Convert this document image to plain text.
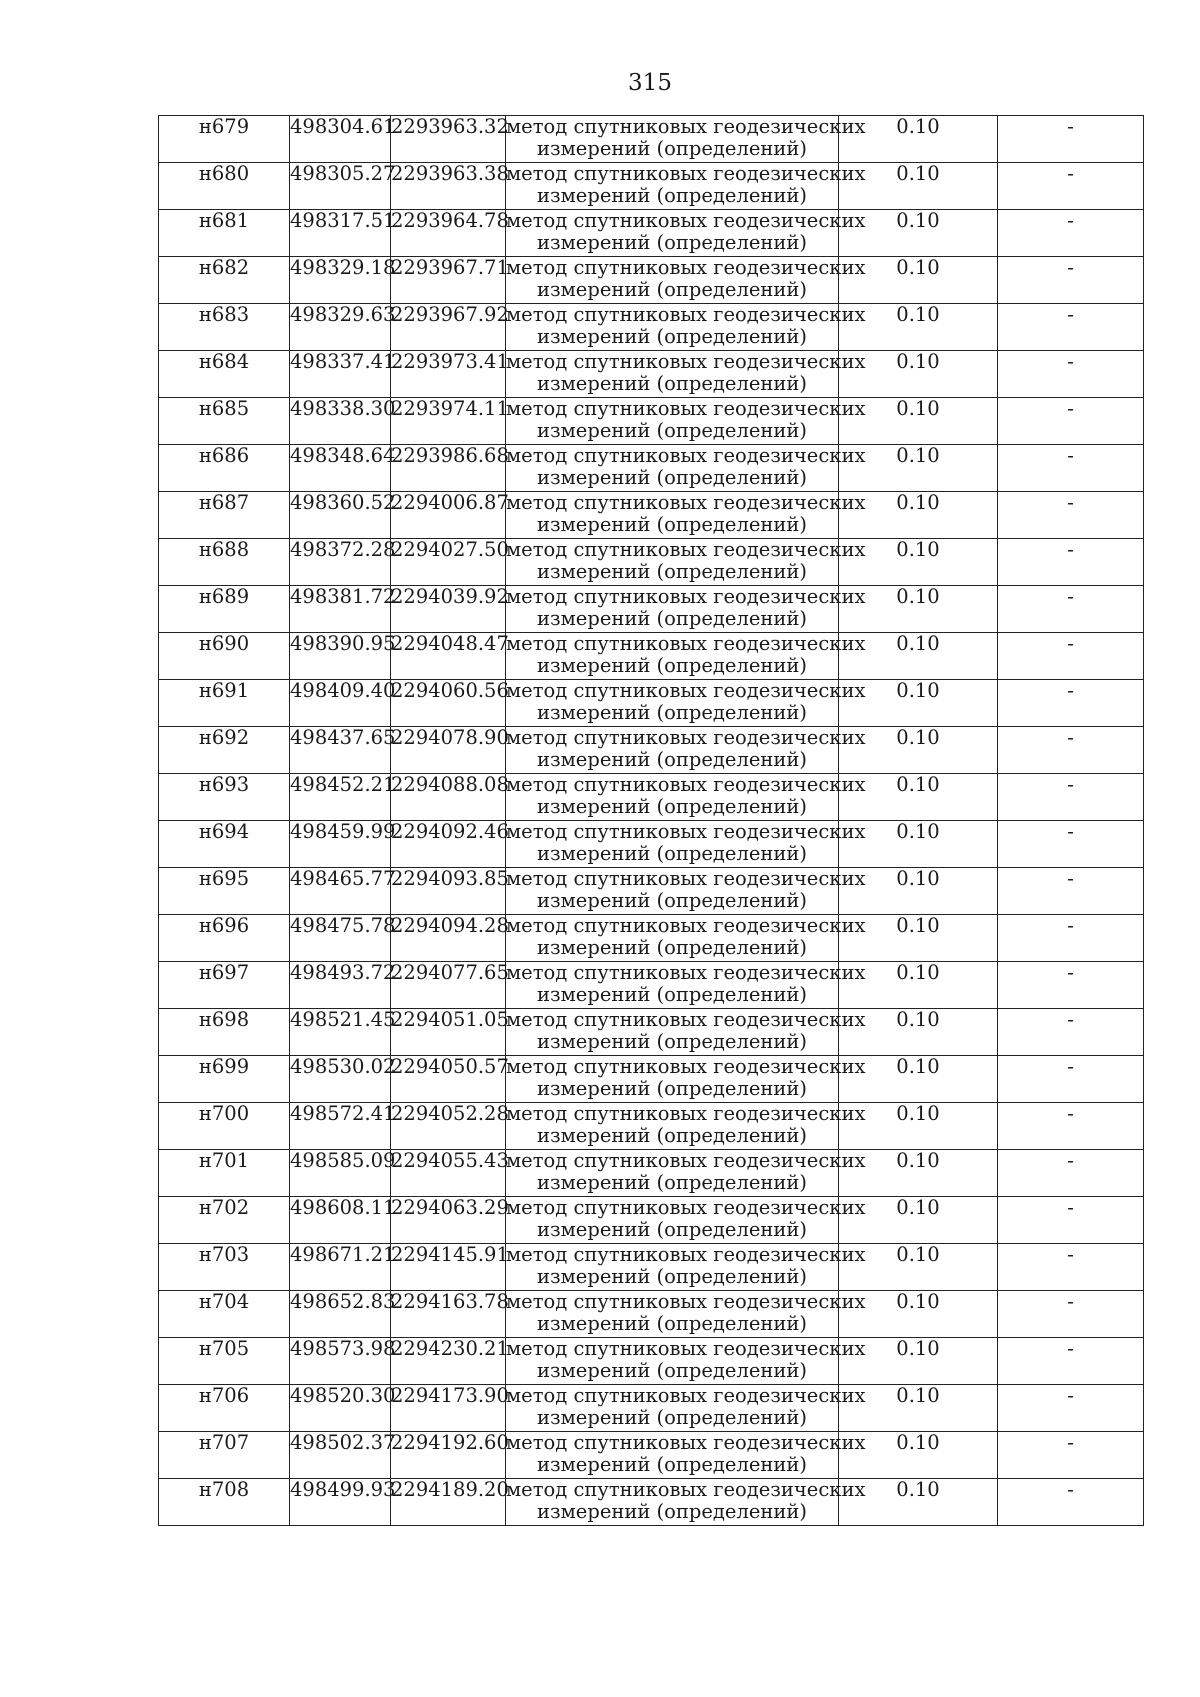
315
н679	498304.61	2293963.32	метод спутниковых геодезических
измерений (определений)	0.10	-
н680	498305.27	2293963.38	метод спутниковых геодезических
измерений (определений)	0.10	-
н681	498317.51	2293964.78	метод спутниковых геодезических
измерений (определений)	0.10	-
н682	498329.18	2293967.71	метод спутниковых геодезических
измерений (определений)	0.10	-
н683	498329.63	2293967.92	метод спутниковых геодезических
измерений (определений)	0.10	-
н684	498337.41	2293973.41	метод спутниковых геодезических
измерений (определений)	0.10	-
н685	498338.30	2293974.11	метод спутниковых геодезических
измерений (определений)	0.10	-
н686	498348.64	2293986.68	метод спутниковых геодезических
измерений (определений)	0.10	-
н687	498360.52	2294006.87	метод спутниковых геодезических
измерений (определений)	0.10	-
н688	498372.28	2294027.50	метод спутниковых геодезических
измерений (определений)	0.10	-
н689	498381.72	2294039.92	метод спутниковых геодезических
измерений (определений)	0.10	-
н690	498390.95	2294048.47	метод спутниковых геодезических
измерений (определений)	0.10	-
н691	498409.40	2294060.56	метод спутниковых геодезических
измерений (определений)	0.10	-
н692	498437.65	2294078.90	метод спутниковых геодезических
измерений (определений)	0.10	-
н693	498452.21	2294088.08	метод спутниковых геодезических
измерений (определений)	0.10	-
н694	498459.99	2294092.46	метод спутниковых геодезических
измерений (определений)	0.10	-
н695	498465.77	2294093.85	метод спутниковых геодезических
измерений (определений)	0.10	-
н696	498475.78	2294094.28	метод спутниковых геодезических
измерений (определений)	0.10	-
н697	498493.72	2294077.65	метод спутниковых геодезических
измерений (определений)	0.10	-
н698	498521.45	2294051.05	метод спутниковых геодезических
измерений (определений)	0.10	-
н699	498530.02	2294050.57	метод спутниковых геодезических
измерений (определений)	0.10	-
н700	498572.41	2294052.28	метод спутниковых геодезических
измерений (определений)	0.10	-
н701	498585.09	2294055.43	метод спутниковых геодезических
измерений (определений)	0.10	-
н702	498608.11	2294063.29	метод спутниковых геодезических
измерений (определений)	0.10	-
н703	498671.21	2294145.91	метод спутниковых геодезических
измерений (определений)	0.10	-
н704	498652.83	2294163.78	метод спутниковых геодезических
измерений (определений)	0.10	-
н705	498573.98	2294230.21	метод спутниковых геодезических
измерений (определений)	0.10	-
н706	498520.30	2294173.90	метод спутниковых геодезических
измерений (определений)	0.10	-
н707	498502.37	2294192.60	метод спутниковых геодезических
измерений (определений)	0.10	-
н708	498499.93	2294189.20	метод спутниковых геодезических
измерений (определений)	0.10	-
